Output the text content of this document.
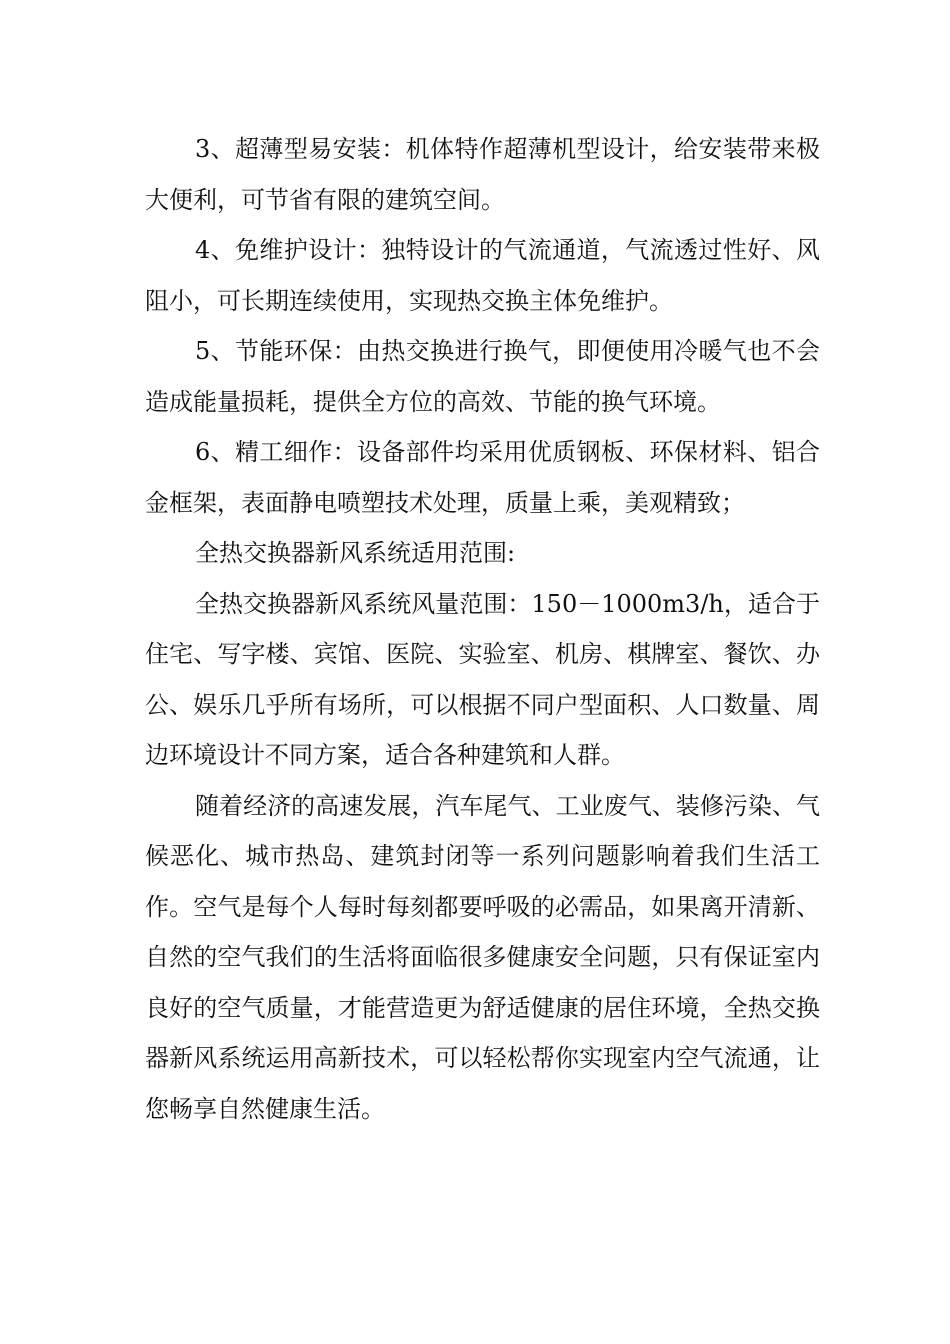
3、超薄型易安装：机体特作超薄机型设计，给安装带来极大便利，可节省有限的建筑空间。

4、免维护设计：独特设计的气流通道，气流透过性好、风阻小，可长期连续使用，实现热交换主体免维护。

5、节能环保：由热交换进行换气，即便使用冷暖气也不会造成能量损耗，提供全方位的高效、节能的换气环境。

6、精工细作：设备部件均采用优质钢板、环保材料、铝合金框架，表面静电喷塑技术处理，质量上乘，美观精致；

全热交换器新风系统适用范围:

全热交换器新风系统风量范围：150－1000m3/h，适合于住宅、写字楼、宾馆、医院、实验室、机房、棋牌室、餐饮、办公、娱乐几乎所有场所，可以根据不同户型面积、人口数量、周边环境设计不同方案，适合各种建筑和人群。

随着经济的高速发展，汽车尾气、工业废气、装修污染、气候恶化、城市热岛、建筑封闭等一系列问题影响着我们生活工作。空气是每个人每时每刻都要呼吸的必需品，如果离开清新、自然的空气我们的生活将面临很多健康安全问题，只有保证室内良好的空气质量，才能营造更为舒适健康的居住环境，全热交换器新风系统运用高新技术，可以轻松帮你实现室内空气流通，让您畅享自然健康生活。
